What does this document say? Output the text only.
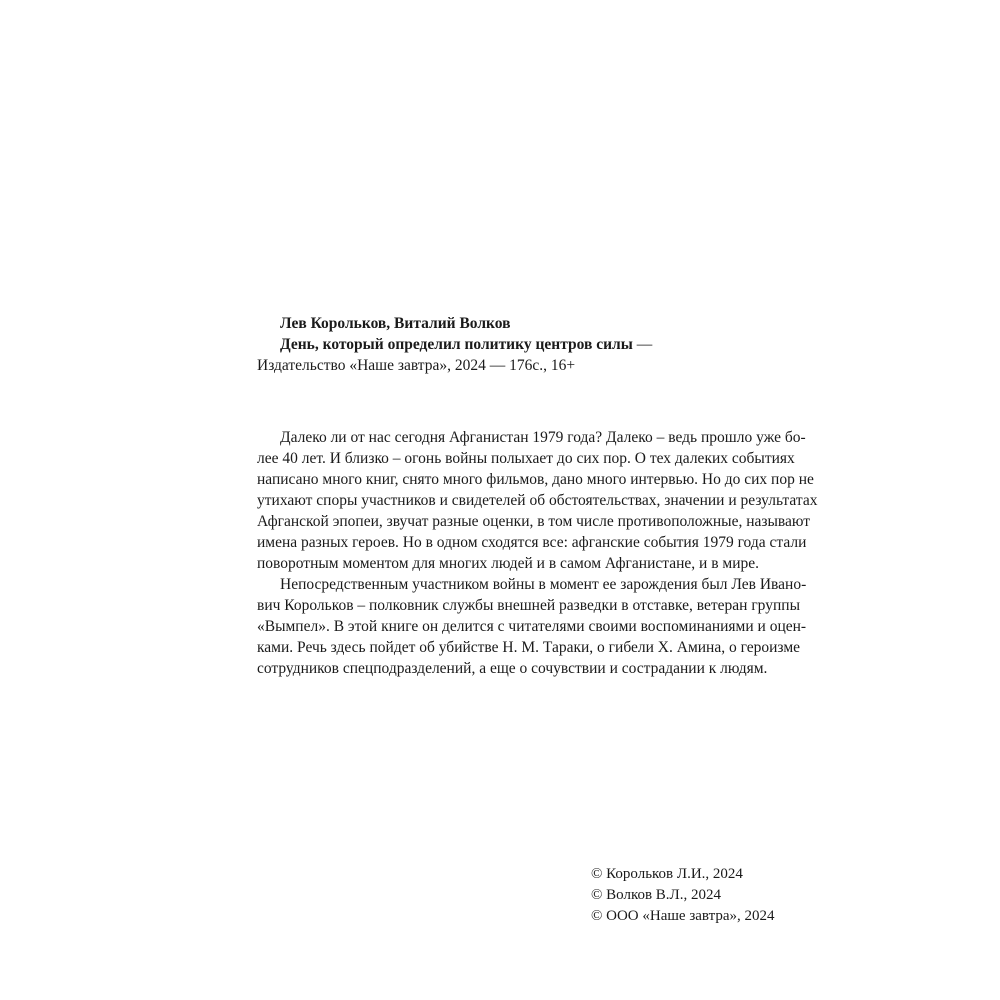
Лев Корольков, Виталий Волков
День, который определил политику центров силы —
Издательство «Наше завтра», 2024 — 176с., 16+
Далеко ли от нас сегодня Афганистан 1979 года? Далеко – ведь прошло уже бо-
лее 40 лет. И близко – огонь войны полыхает до сих пор. О тех далеких событиях
написано много книг, снято много фильмов, дано много интервью. Но до сих пор не
утихают споры участников и свидетелей об обстоятельствах, значении и результатах
Афганской эпопеи, звучат разные оценки, в том числе противоположные, называют
имена разных героев. Но в одном сходятся все: афганские события 1979 года стали
поворотным моментом для многих людей и в самом Афганистане, и в мире.
Непосредственным участником войны в момент ее зарождения был Лев Ивано-
вич Корольков – полковник службы внешней разведки в отставке, ветеран группы
«Вымпел». В этой книге он делится с читателями своими воспоминаниями и оцен-
ками. Речь здесь пойдет об убийстве Н. М. Тараки, о гибели Х. Амина, о героизме
сотрудников спецподразделений, а еще о сочувствии и сострадании к людям.
© Корольков Л.И., 2024
© Волков В.Л., 2024
© ООО «Наше завтра», 2024
